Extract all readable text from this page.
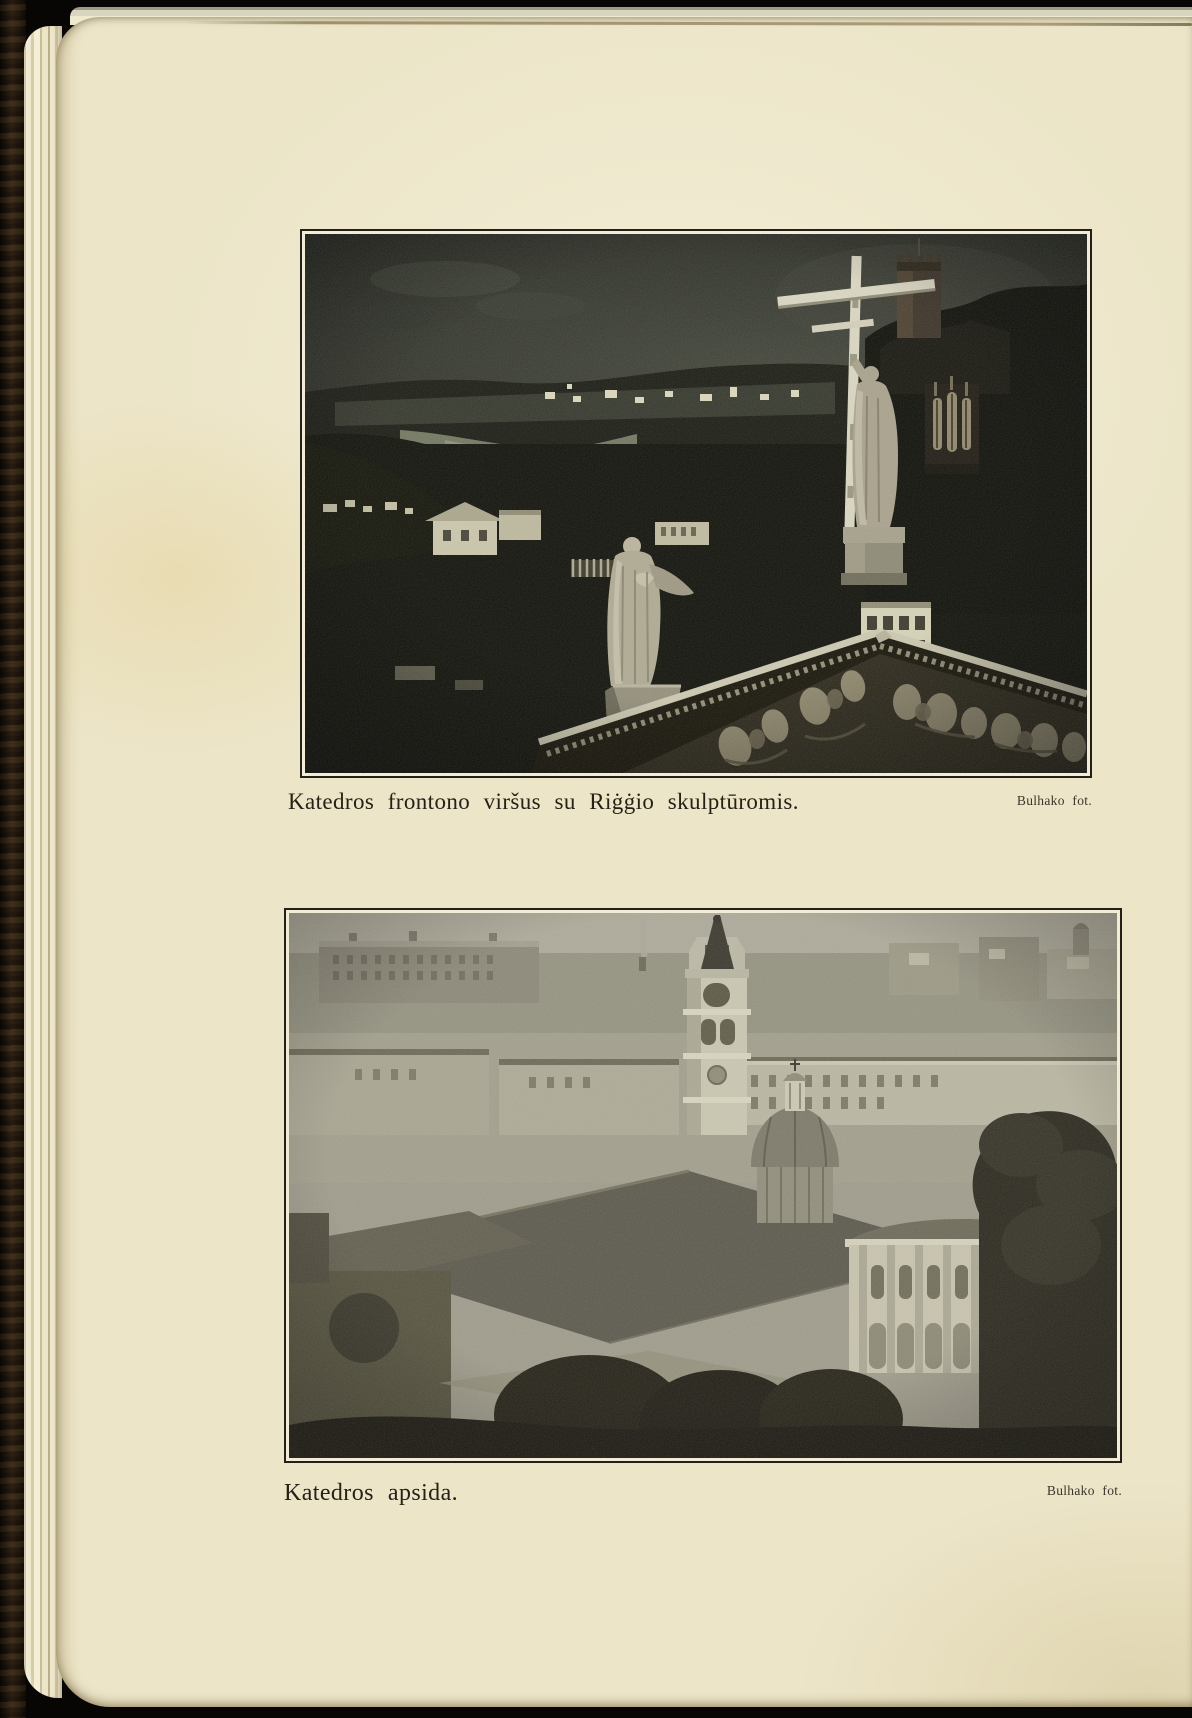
Katedros frontono viršus su Riġġio skulptūromis.	Bulhako fot.
Katedros apsida.	Bulhako fot.
